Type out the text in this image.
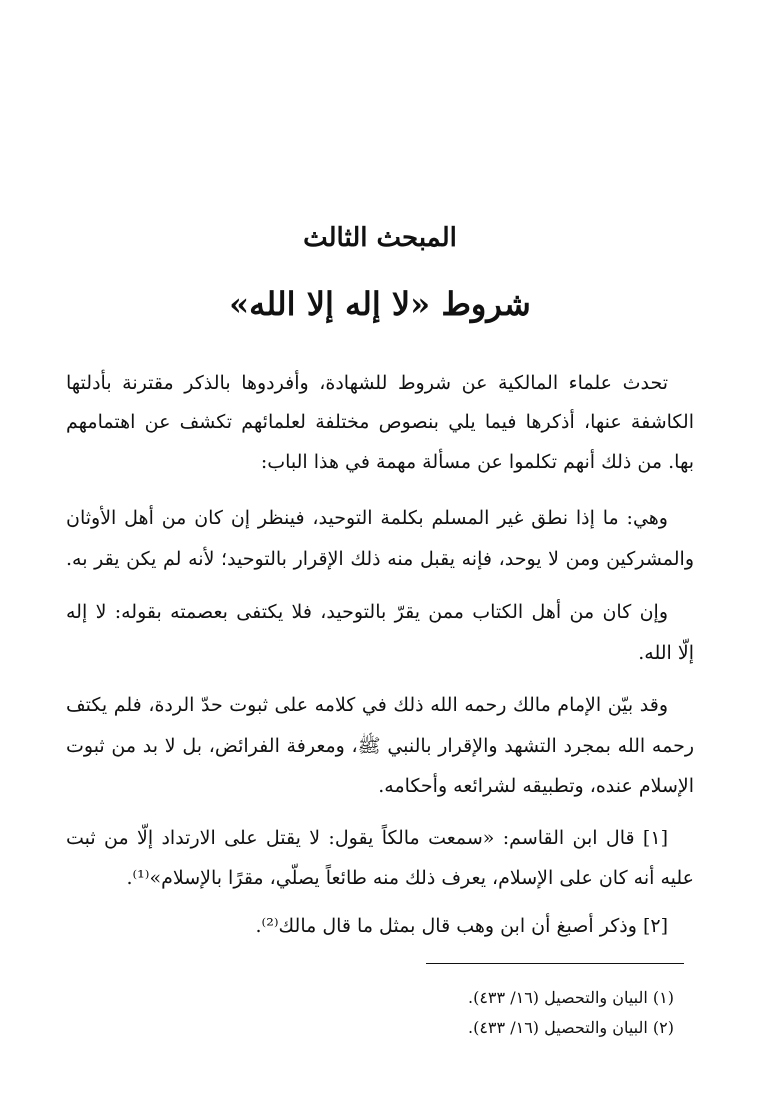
المبحث الثالث
شروط «لا إله إلا الله»
تحدث علماء المالكية عن شروط للشهادة، وأفردوها بالذكر مقترنة بأدلتها
الكاشفة عنها، أذكرها فيما يلي بنصوص مختلفة لعلمائهم تكشف عن اهتمامهم
بها. من ذلك أنهم تكلموا عن مسألة مهمة في هذا الباب:
وهي: ما إذا نطق غير المسلم بكلمة التوحيد، فينظر إن كان من أهل الأوثان
والمشركين ومن لا يوحد، فإنه يقبل منه ذلك الإقرار بالتوحيد؛ لأنه لم يكن يقر به.
وإن كان من أهل الكتاب ممن يقرّ بالتوحيد، فلا يكتفى بعصمته بقوله: لا إله
إلّا الله.
وقد بيّن الإمام مالك رحمه الله ذلك في كلامه على ثبوت حدّ الردة، فلم يكتف
رحمه الله بمجرد التشهد والإقرار بالنبي ﷺ، ومعرفة الفرائض، بل لا بد من ثبوت
الإسلام عنده، وتطبيقه لشرائعه وأحكامه.
[١] قال ابن القاسم: «سمعت مالكاً يقول: لا يقتل على الارتداد إلّا من ثبت
عليه أنه كان على الإسلام، يعرف ذلك منه طائعاً يصلّي، مقرًا بالإسلام»⁽¹⁾.
[٢] وذكر أصبغ أن ابن وهب قال بمثل ما قال مالك⁽²⁾.
(١) البيان والتحصيل (١٦/ ٤٣٣).
(٢) البيان والتحصيل (١٦/ ٤٣٣).
